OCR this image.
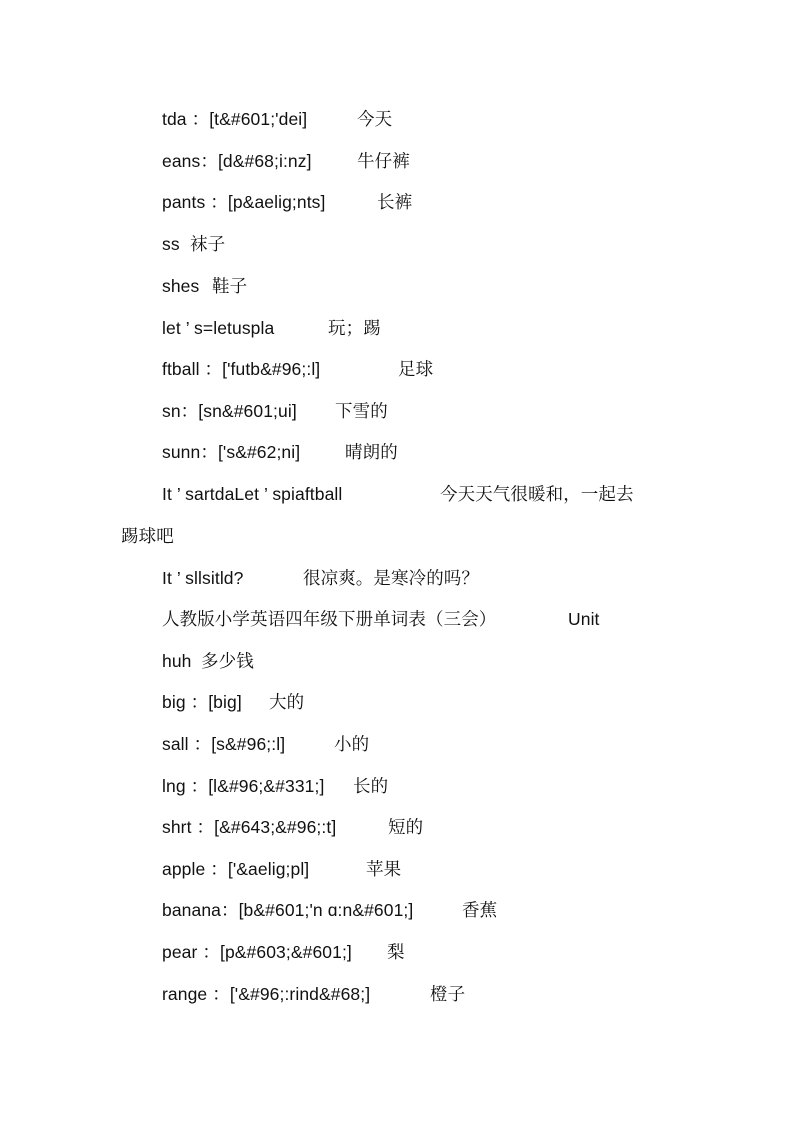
tda ：[t&#601;'dei]	今天
eans：[d&#68;i:nz]	牛仔裤
pants ：[p&aelig;nts]	长裤
ss 袜子
shes 鞋子
let ’ s=letuspla	玩；踢
ftball ：['futb&#96;:l]	足球
sn：[sn&#601;ui] 下雪的
sunn：['s&#62;ni]	晴朗的
It ’ sartdaLet ’ spiaftball	今天天气很暖和，一起去
踢球吧
It ’ sllsitld?	很凉爽。是寒冷的吗？
人教版小学英语四年级下册单词表（三会）	Unit
huh 多少钱
big ：[big] 大的
sall ：[s&#96;:l]	小的
lng ：[l&#96;&#331;] 长的
shrt ：[&#643;&#96;:t]	短的
apple ：['&aelig;pl]	苹果
banana：[b&#601;'n ɑ:n&#601;]	香蕉
pear ：[p&#603;&#601;] 梨
range ：['&#96;:rind&#68;]	橙子
